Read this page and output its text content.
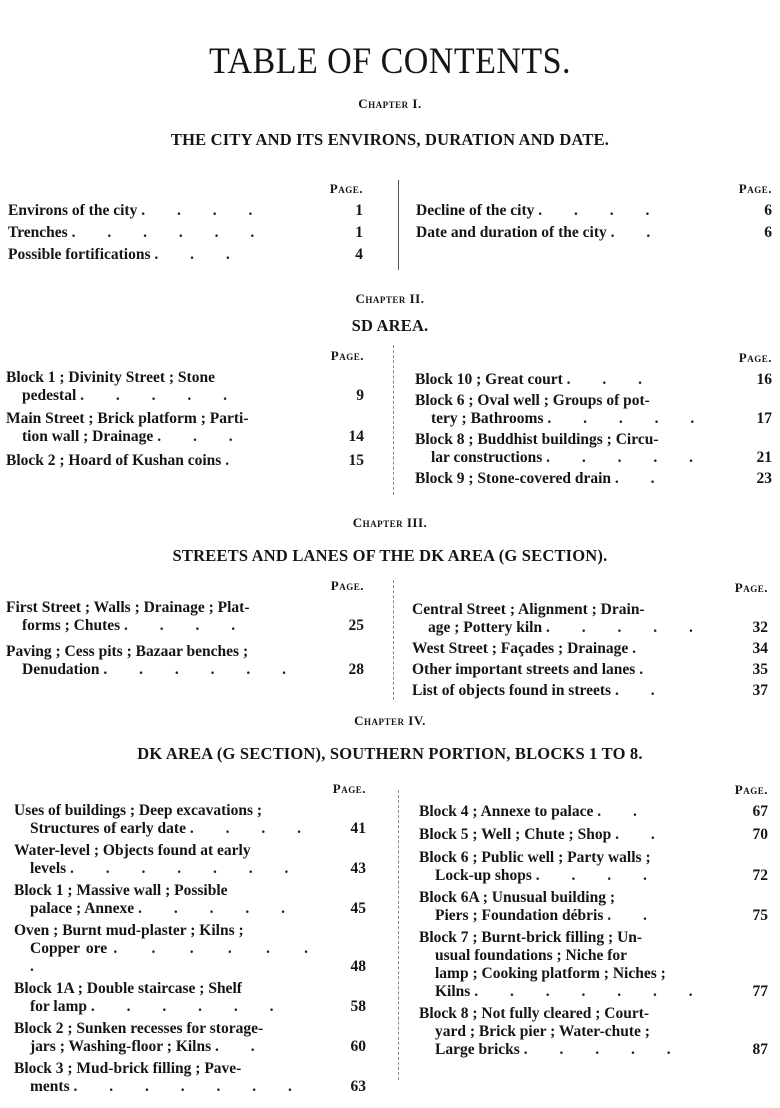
TABLE OF CONTENTS.
Chapter I.
THE CITY AND ITS ENVIRONS, DURATION AND DATE.
Page.
Environs of the city . . . .	1
Trenches . . . . . .	1
Possible fortifications . . .	4
Page.
Decline of the city . . . .	6
Date and duration of the city . .	6
Chapter II.
SD AREA.
Page.
Block 1 ; Divinity Street ; Stone
pedestal . . . . .	9
Main Street ; Brick platform ; Parti-
tion wall ; Drainage . . .	14
Block 2 ; Hoard of Kushan coins .	15
Page.
Block 10 ; Great court . . .	16
Block 6 ; Oval well ; Groups of pot-
tery ; Bathrooms . . . . .	17
Block 8 ; Buddhist buildings ; Circu-
lar constructions . . . . .	21
Block 9 ; Stone-covered drain . .	23
Chapter III.
STREETS AND LANES OF THE DK AREA (G SECTION).
Page.
First Street ; Walls ; Drainage ; Plat-
forms ; Chutes . . . .	25
Paving ; Cess pits ; Bazaar benches ;
Denudation . . . . . .	28
Page.
Central Street ; Alignment ; Drain-
age ; Pottery kiln . . . . .	32
West Street ; Façades ; Drainage .	34
Other important streets and lanes .	35
List of objects found in streets . .	37
Chapter IV.
DK AREA (G SECTION), SOUTHERN PORTION, BLOCKS 1 TO 8.
Page.
Uses of buildings ; Deep excavations ;
Structures of early date . . . .	41
Water-level ; Objects found at early
levels . . . . . . .	43
Block 1 ; Massive wall ; Possible
palace ; Annexe . . . . .	45
Oven ; Burnt mud-plaster ; Kilns ;
Copper ore . . . . . . .	48
Block 1A ; Double staircase ; Shelf
for lamp . . . . . .	58
Block 2 ; Sunken recesses for storage-
jars ; Washing-floor ; Kilns . .	60
Block 3 ; Mud-brick filling ; Pave-
ments . . . . . . .	63
Page.
Block 4 ; Annexe to palace . .	67
Block 5 ; Well ; Chute ; Shop . .	70
Block 6 ; Public well ; Party walls ;
Lock-up shops . . . .	72
Block 6A ; Unusual building ;
Piers ; Foundation débris . .	75
Block 7 ; Burnt-brick filling ; Un-
usual foundations ; Niche for
lamp ; Cooking platform ; Niches ;
Kilns . . . . . . .	77
Block 8 ; Not fully cleared ; Court-
yard ; Brick pier ; Water-chute ;
Large bricks . . . . .	87
